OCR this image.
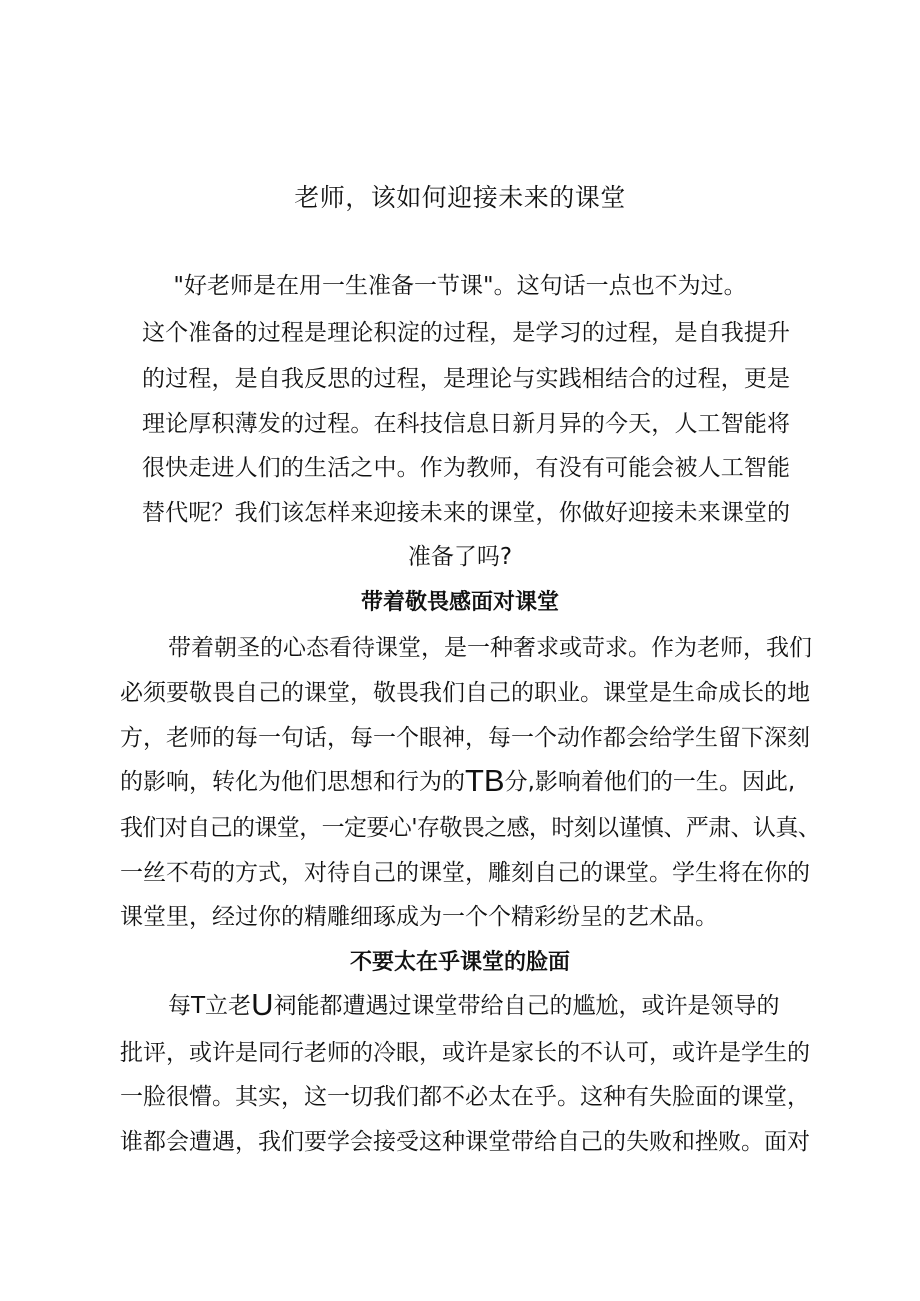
老师，该如何迎接未来的课堂
"好老师是在用一生准备一节课"。这句话一点也不为过。
这个准备的过程是理论积淀的过程，是学习的过程，是自我提升
的过程，是自我反思的过程，是理论与实践相结合的过程，更是
理论厚积薄发的过程。在科技信息日新月异的今天，人工智能将
很快走进人们的生活之中。作为教师，有没有可能会被人工智能
替代呢？我们该怎样来迎接未来的课堂，你做好迎接未来课堂的
准备了吗?
带着敬畏感面对课堂
带着朝圣的心态看待课堂，是一种奢求或苛求。作为老师，我们
必须要敬畏自己的课堂，敬畏我们自己的职业。课堂是生命成长的地
方，老师的每一句话，每一个眼神，每一个动作都会给学生留下深刻
的影响，转化为他们思想和行为的TB分,影响着他们的一生。因此,
我们对自己的课堂，一定要心'存敬畏之感，时刻以谨慎、严肃、认真、
一丝不苟的方式，对待自己的课堂，雕刻自己的课堂。学生将在你的
课堂里，经过你的精雕细琢成为一个个精彩纷呈的艺术品。
不要太在乎课堂的脸面
每T立老U祠能都遭遇过课堂带给自己的尴尬，或许是领导的
批评，或许是同行老师的冷眼，或许是家长的不认可，或许是学生的
一脸很懵。其实，这一切我们都不必太在乎。这种有失脸面的课堂，
谁都会遭遇，我们要学会接受这种课堂带给自己的失败和挫败。面对
